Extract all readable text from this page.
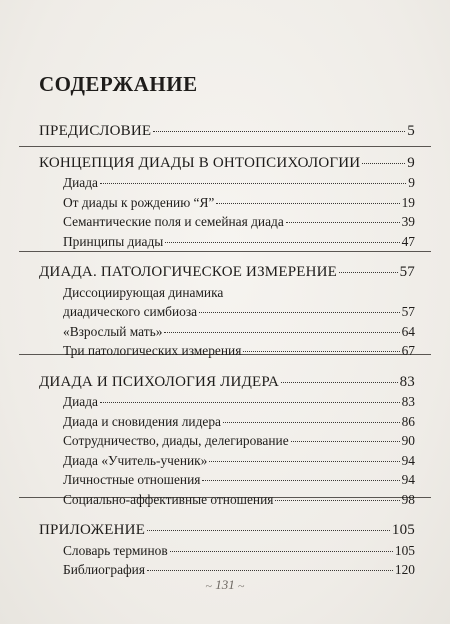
СОДЕРЖАНИЕ
ПРЕДИСЛОВИЕ	5
КОНЦЕПЦИЯ ДИАДЫ В ОНТОПСИХОЛОГИИ	9
Диада	9
От диады к рождению “Я”	19
Семантические поля и семейная диада	39
Принципы диады	47
ДИАДА. ПАТОЛОГИЧЕСКОЕ ИЗМЕРЕНИЕ	57
Диссоциирующая динамика
диадического симбиоза	57
«Взрослый мать»	64
Три патологических измерения	67
ДИАДА И ПСИХОЛОГИЯ ЛИДЕРА	83
Диада	83
Диада и сновидения лидера	86
Сотрудничество, диады, делегирование	90
Диада «Учитель-ученик»	94
Личностные отношения	94
Социально-аффективные отношения	98
ПРИЛОЖЕНИЕ	105
Словарь терминов	105
Библиография	120
~ 131 ~
